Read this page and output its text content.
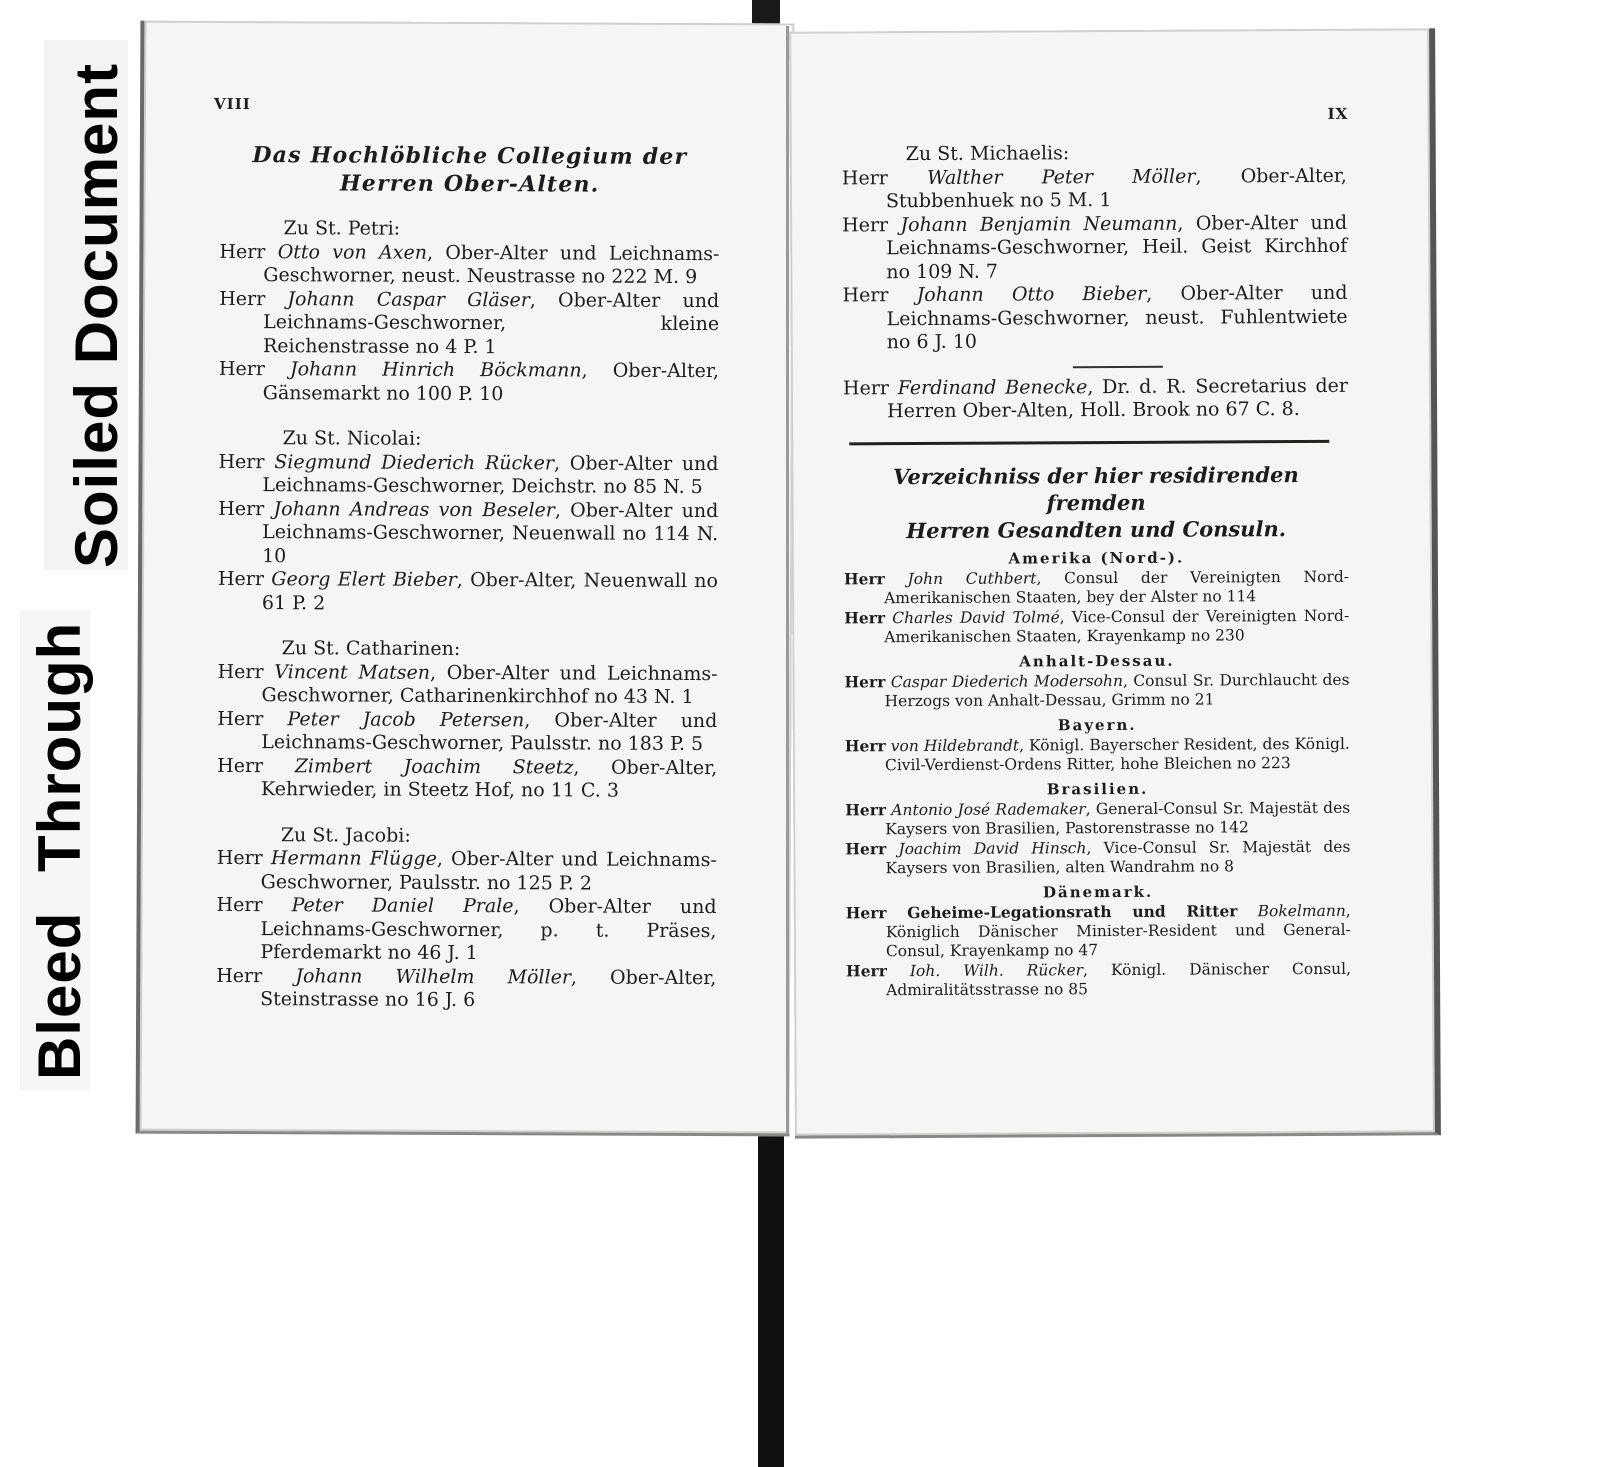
Soiled Document
Bleed Through
VIII
Das Hochlöbliche Collegium der
Herren Ober-Alten.
Zu St. Petri:
Herr Otto von Axen, Ober-Alter und Leichnams-Geschworner, neust. Neustrasse no 222 M. 9
Herr Johann Caspar Gläser, Ober-Alter und Leichnams-Geschworner, kleine Reichenstrasse no 4 P. 1
Herr Johann Hinrich Böckmann, Ober-Alter, Gänsemarkt no 100 P. 10
Zu St. Nicolai:
Herr Siegmund Diederich Rücker, Ober-Alter und Leichnams-Geschworner, Deichstr. no 85 N. 5
Herr Johann Andreas von Beseler, Ober-Alter und Leichnams-Geschworner, Neuenwall no 114 N. 10
Herr Georg Elert Bieber, Ober-Alter, Neuenwall no 61 P. 2
Zu St. Catharinen:
Herr Vincent Matsen, Ober-Alter und Leichnams-Geschworner, Catharinenkirchhof no 43 N. 1
Herr Peter Jacob Petersen, Ober-Alter und Leichnams-Geschworner, Paulsstr. no 183 P. 5
Herr Zimbert Joachim Steetz, Ober-Alter, Kehrwieder, in Steetz Hof, no 11 C. 3
Zu St. Jacobi:
Herr Hermann Flügge, Ober-Alter und Leichnams-Geschworner, Paulsstr. no 125 P. 2
Herr Peter Daniel Prale, Ober-Alter und Leichnams-Geschworner, p. t. Präses, Pferdemarkt no 46 J. 1
Herr Johann Wilhelm Möller, Ober-Alter, Steinstrasse no 16 J. 6
IX
Zu St. Michaelis:
Herr Walther Peter Möller, Ober-Alter, Stubbenhuek no 5 M. 1
Herr Johann Benjamin Neumann, Ober-Alter und Leichnams-Geschworner, Heil. Geist Kirchhof no 109 N. 7
Herr Johann Otto Bieber, Ober-Alter und Leichnams-Geschworner, neust. Fuhlentwiete no 6 J. 10
Herr Ferdinand Benecke, Dr. d. R. Secretarius der Herren Ober-Alten, Holl. Brook no 67 C. 8.
Verzeichniss der hier residirenden fremden
Herren Gesandten und Consuln.
Amerika (Nord-).
Herr John Cuthbert, Consul der Vereinigten Nord-Amerikanischen Staaten, bey der Alster no 114
Herr Charles David Tolmé, Vice-Consul der Vereinigten Nord-Amerikanischen Staaten, Krayenkamp no 230
Anhalt-Dessau.
Herr Caspar Diederich Modersohn, Consul Sr. Durchlaucht des Herzogs von Anhalt-Dessau, Grimm no 21
Bayern.
Herr von Hildebrandt, Königl. Bayerscher Resident, des Königl. Civil-Verdienst-Ordens Ritter, hohe Bleichen no 223
Brasilien.
Herr Antonio José Rademaker, General-Consul Sr. Majestät des Kaysers von Brasilien, Pastorenstrasse no 142
Herr Joachim David Hinsch, Vice-Consul Sr. Majestät des Kaysers von Brasilien, alten Wandrahm no 8
Dänemark.
Herr Geheime-Legationsrath und Ritter Bokelmann, Königlich Dänischer Minister-Resident und General-Consul, Krayenkamp no 47
Herr Ioh. Wilh. Rücker, Königl. Dänischer Consul, Admiralitätsstrasse no 85
